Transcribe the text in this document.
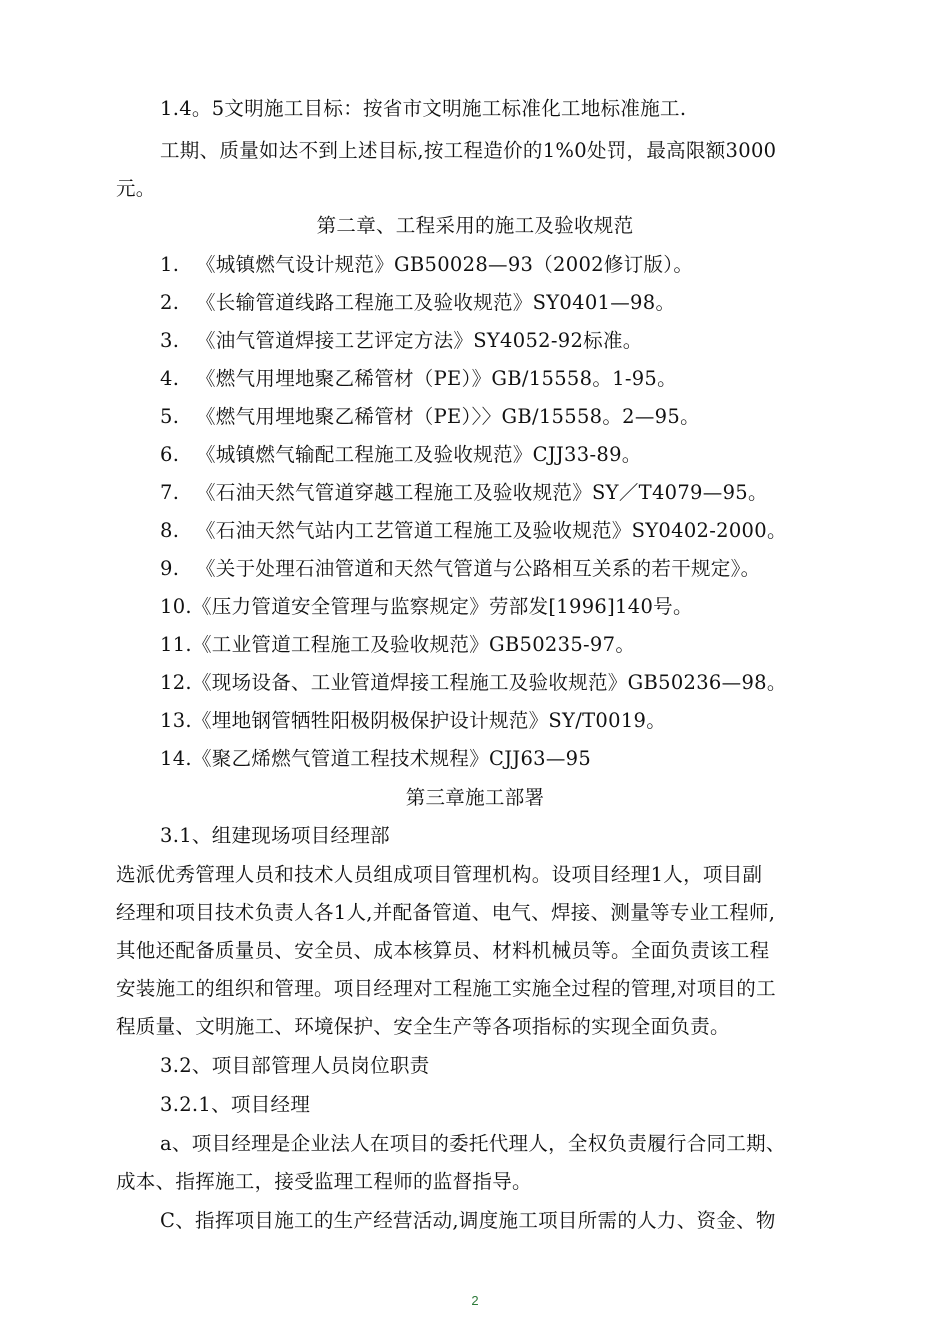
1.4。5文明施工目标：按省市文明施工标准化工地标准施工.
工期、质量如达不到上述目标,按工程造价的1%0处罚，最高限额3000
元。
第二章、工程采用的施工及验收规范
1. 《城镇燃气设计规范》GB50028—93（2002修订版）。
2. 《长输管道线路工程施工及验收规范》SY0401—98。
3. 《油气管道焊接工艺评定方法》SY4052-92标准。
4. 《燃气用埋地聚乙稀管材（PE）》GB/15558。1-95。
5. 《燃气用埋地聚乙稀管材（PE）〉〉GB/15558。2—95。
6. 《城镇燃气输配工程施工及验收规范》CJJ33-89。
7. 《石油天然气管道穿越工程施工及验收规范》SY／T4079—95。
8. 《石油天然气站内工艺管道工程施工及验收规范》SY0402-2000。
9. 《关于处理石油管道和天然气管道与公路相互关系的若干规定》。
10. 《压力管道安全管理与监察规定》劳部发[1996]140号。
11. 《工业管道工程施工及验收规范》GB50235-97。
12. 《现场设备、工业管道焊接工程施工及验收规范》GB50236—98。
13. 《埋地钢管牺牲阳极阴极保护设计规范》SY/T0019。
14. 《聚乙烯燃气管道工程技术规程》CJJ63—95
第三章施工部署
3.1、组建现场项目经理部
选派优秀管理人员和技术人员组成项目管理机构。设项目经理1人，项目副
经理和项目技术负责人各1人,并配备管道、电气、焊接、测量等专业工程师,
其他还配备质量员、安全员、成本核算员、材料机械员等。全面负责该工程
安装施工的组织和管理。项目经理对工程施工实施全过程的管理,对项目的工
程质量、文明施工、环境保护、安全生产等各项指标的实现全面负责。
3.2、项目部管理人员岗位职责
3.2.1、项目经理
a、项目经理是企业法人在项目的委托代理人，全权负责履行合同工期、
成本、指挥施工，接受监理工程师的监督指导。
C、指挥项目施工的生产经营活动,调度施工项目所需的人力、资金、物
2
